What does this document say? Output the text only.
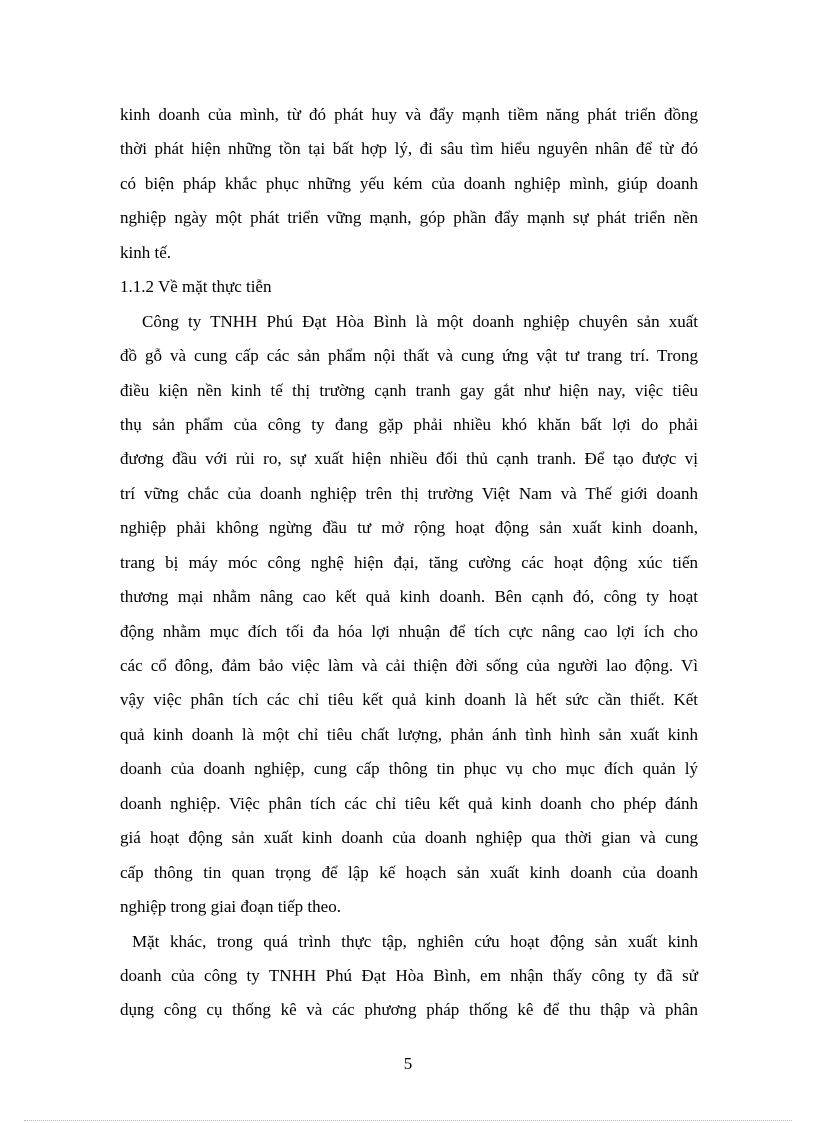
kinh doanh của mình, từ đó phát huy và đẩy mạnh tiềm năng phát triển đồng
thời phát hiện những tồn tại bất hợp lý, đi sâu tìm hiểu nguyên nhân để từ đó
có biện pháp khắc phục những yếu kém của doanh nghiệp mình, giúp doanh
nghiệp ngày một phát triển vững mạnh, góp phần đẩy mạnh sự phát triển nền
kinh tế.
1.1.2 Về mặt thực tiễn
Công ty TNHH Phú Đạt Hòa Bình là một doanh nghiệp chuyên sản xuất
đồ gỗ và cung cấp các sản phẩm nội thất và cung ứng vật tư trang trí. Trong
điều kiện nền kinh tế thị trường cạnh tranh gay gắt như hiện nay, việc tiêu
thụ sản phẩm của công ty đang gặp phải nhiều khó khăn bất lợi do phải
đương đầu với rủi ro, sự xuất hiện nhiều đối thủ cạnh tranh. Để tạo được vị
trí vững chắc của doanh nghiệp trên thị trường Việt Nam và Thế giới doanh
nghiệp phải không ngừng đầu tư mở rộng hoạt động sản xuất kinh doanh,
trang bị máy móc công nghệ hiện đại, tăng cường các hoạt động xúc tiến
thương mại nhằm nâng cao kết quả kinh doanh. Bên cạnh đó, công ty hoạt
động nhằm mục đích tối đa hóa lợi nhuận để tích cực nâng cao lợi ích cho
các cổ đông, đảm bảo việc làm và cải thiện đời sống của người lao động. Vì
vậy việc phân tích các chỉ tiêu kết quả kinh doanh là hết sức cần thiết. Kết
quả kinh doanh là một chỉ tiêu chất lượng, phản ánh tình hình sản xuất kinh
doanh của doanh nghiệp, cung cấp thông tin phục vụ cho mục đích quản lý
doanh nghiệp. Việc phân tích các chỉ tiêu kết quả kinh doanh cho phép đánh
giá hoạt động sản xuất kinh doanh của doanh nghiệp qua thời gian và cung
cấp thông tin quan trọng để lập kế hoạch sản xuất kinh doanh của doanh
nghiệp trong giai đoạn tiếp theo.
Mặt khác, trong quá trình thực tập, nghiên cứu hoạt động sản xuất kinh
doanh của công ty TNHH Phú Đạt Hòa Bình, em nhận thấy công ty đã sử
dụng công cụ thống kê và các phương pháp thống kê để thu thập và phân
5
